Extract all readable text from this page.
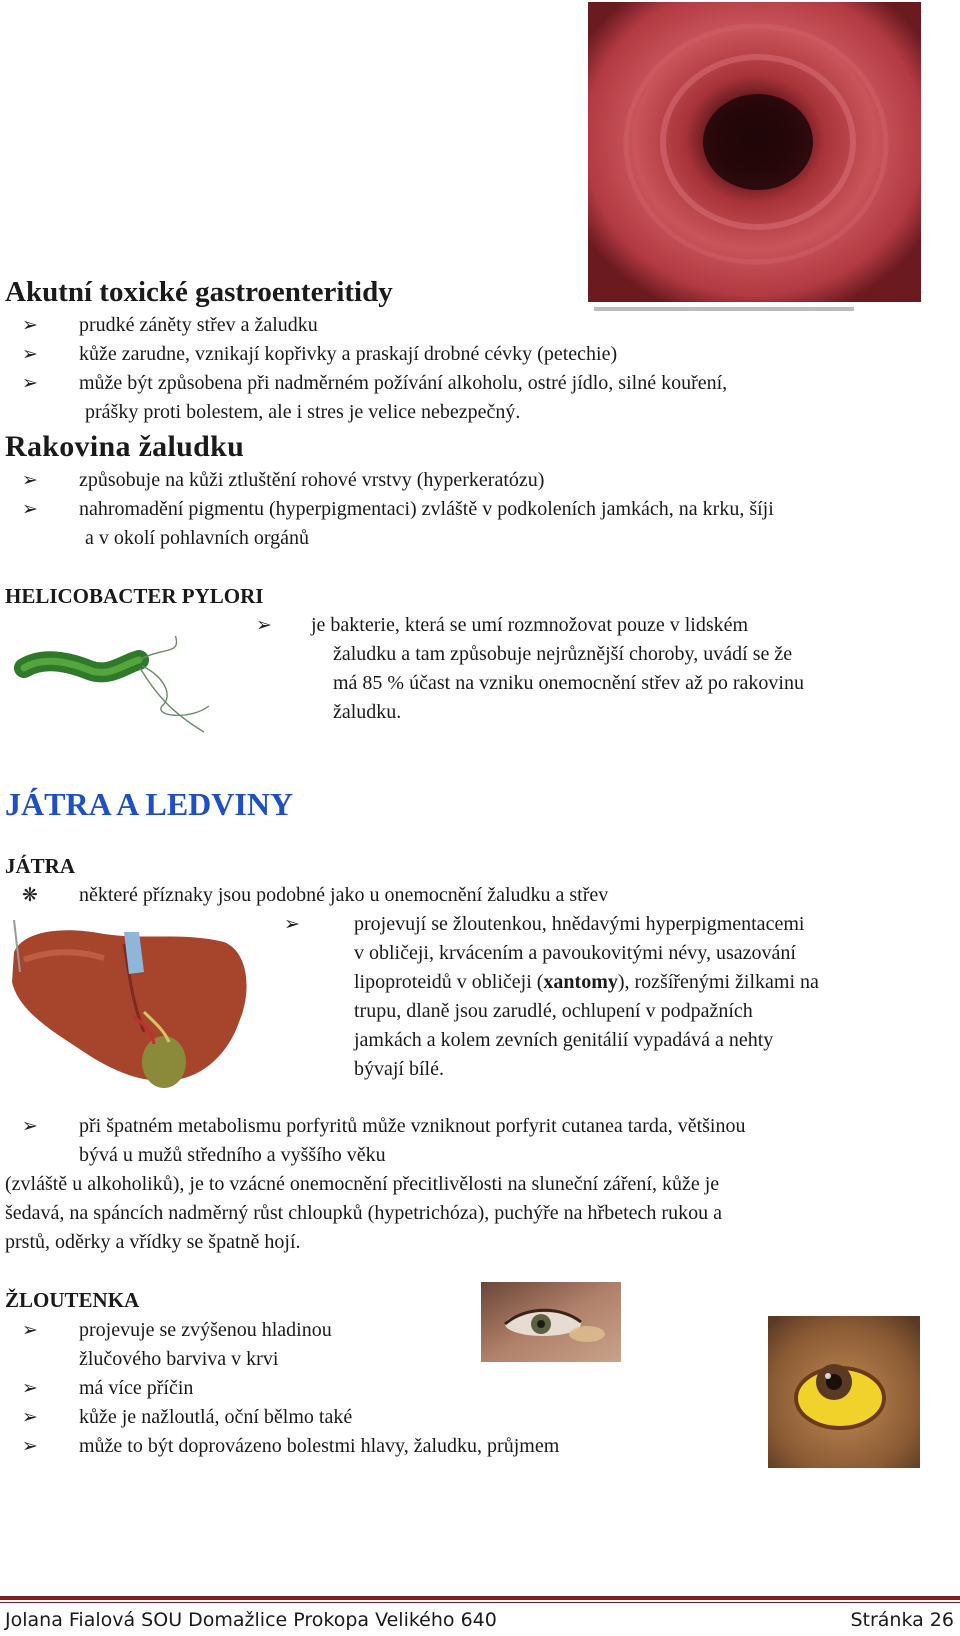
Akutní toxické gastroenteritidy
➢ prudké záněty střev a žaludku
➢ kůže zarudne, vznikají kopřivky a praskají drobné cévky (petechie)
➢ může být způsobena při nadměrném požívání alkoholu, ostré jídlo, silné kouření,
prášky proti bolestem, ale i stres je velice nebezpečný.
Rakovina žaludku
➢ způsobuje na kůži ztluštění rohové vrstvy (hyperkeratózu)
➢ nahromadění pigmentu (hyperpigmentaci) zvláště v podkoleních jamkách, na krku, šíji
a v okolí pohlavních orgánů
HELICOBACTER PYLORI
➢ je bakterie, která se umí rozmnožovat pouze v lidském
žaludku a tam způsobuje nejrůznější choroby, uvádí se že
má 85 % účast na vzniku onemocnění střev až po rakovinu
žaludku.
JÁTRA A LEDVINY
JÁTRA
❋ některé příznaky jsou podobné jako u onemocnění žaludku a střev
➢	projevují se žloutenkou, hnědavými hyperpigmentacemi
v obličeji, krvácením a pavoukovitými névy, usazování
lipoproteidů v obličeji (xantomy), rozšířenými žilkami na
trupu, dlaně jsou zarudlé, ochlupení v podpažních
jamkách a kolem zevních genitálií vypadává a nehty
bývají bílé.
➢ při špatném metabolismu porfyritů může vzniknout porfyrit cutanea tarda, většinou
bývá u mužů středního a vyššího věku
(zvláště u alkoholiků), je to vzácné onemocnění přecitlivělosti na sluneční záření, kůže je
šedavá, na spáncích nadměrný růst chloupků (hypetrichóza), puchýře na hřbetech rukou a
prstů, oděrky a vřídky se špatně hojí.
ŽLOUTENKA
➢ projevuje se zvýšenou hladinou
žlučového barviva v krvi
➢ má více příčin
➢ kůže je nažloutlá, oční bělmo také
➢ může to být doprovázeno bolestmi hlavy, žaludku, průjmem
Jolana Fialová SOU Domažlice Prokopa Velikého 640	Stránka 26
